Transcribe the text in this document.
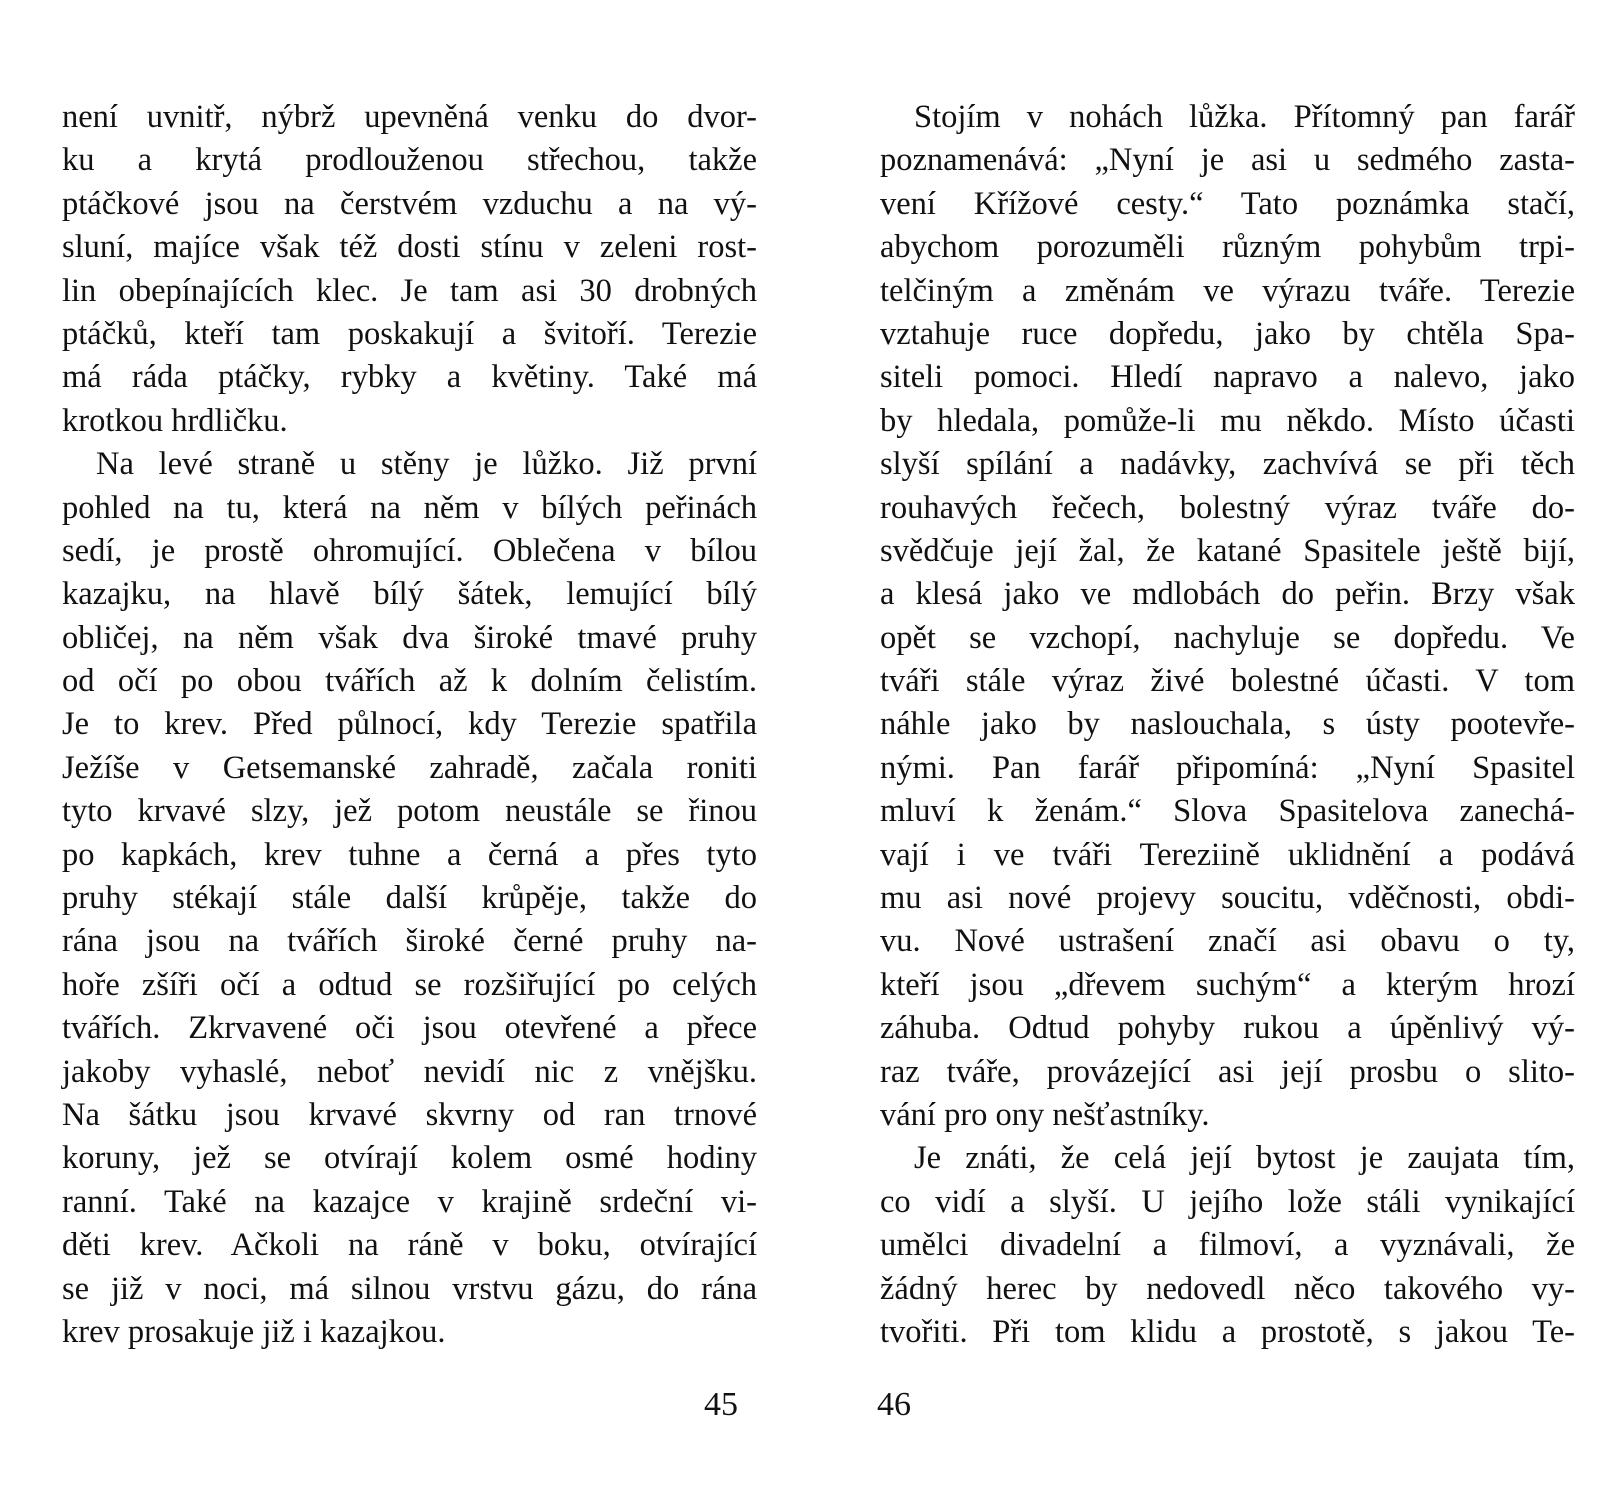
není uvnitř, nýbrž upevněná venku do dvor-
ku a krytá prodlouženou střechou, takže
ptáčkové jsou na čerstvém vzduchu a na vý-
sluní, majíce však též dosti stínu v zeleni rost-
lin obepínajících klec. Je tam asi 30 drobných
ptáčků, kteří tam poskakují a švitoří. Terezie
má ráda ptáčky, rybky a květiny. Také má
krotkou hrdličku.
Na levé straně u stěny je lůžko. Již první
pohled na tu, která na něm v bílých peřinách
sedí, je prostě ohromující. Oblečena v bílou
kazajku, na hlavě bílý šátek, lemující bílý
obličej, na něm však dva široké tmavé pruhy
od očí po obou tvářích až k dolním čelistím.
Je to krev. Před půlnocí, kdy Terezie spatřila
Ježíše v Getsemanské zahradě, začala roniti
tyto krvavé slzy, jež potom neustále se řinou
po kapkách, krev tuhne a černá a přes tyto
pruhy stékají stále další krůpěje, takže do
rána jsou na tvářích široké černé pruhy na-
hoře zšíři očí a odtud se rozšiřující po celých
tvářích. Zkrvavené oči jsou otevřené a přece
jakoby vyhaslé, neboť nevidí nic z vnějšku.
Na šátku jsou krvavé skvrny od ran trnové
koruny, jež se otvírají kolem osmé hodiny
ranní. Také na kazajce v krajině srdeční vi-
děti krev. Ačkoli na ráně v boku, otvírající
se již v noci, má silnou vrstvu gázu, do rána
krev prosakuje již i kazajkou.
45
Stojím v nohách lůžka. Přítomný pan farář
poznamenává: „Nyní je asi u sedmého zasta-
vení Křížové cesty.“ Tato poznámka stačí,
abychom porozuměli různým pohybům trpi-
telčiným a změnám ve výrazu tváře. Terezie
vztahuje ruce dopředu, jako by chtěla Spa-
siteli pomoci. Hledí napravo a nalevo, jako
by hledala, pomůže-li mu někdo. Místo účasti
slyší spílání a nadávky, zachvívá se při těch
rouhavých řečech, bolestný výraz tváře do-
svědčuje její žal, že katané Spasitele ještě bijí,
a klesá jako ve mdlobách do peřin. Brzy však
opět se vzchopí, nachyluje se dopředu. Ve
tváři stále výraz živé bolestné účasti. V tom
náhle jako by naslouchala, s ústy pootevře-
nými. Pan farář připomíná: „Nyní Spasitel
mluví k ženám.“ Slova Spasitelova zanechá-
vají i ve tváři Tereziině uklidnění a podává
mu asi nové projevy soucitu, vděčnosti, obdi-
vu. Nové ustrašení značí asi obavu o ty,
kteří jsou „dřevem suchým“ a kterým hrozí
záhuba. Odtud pohyby rukou a úpěnlivý vý-
raz tváře, provázející asi její prosbu o slito-
vání pro ony nešťastníky.
Je znáti, že celá její bytost je zaujata tím,
co vidí a slyší. U jejího lože stáli vynikající
umělci divadelní a filmoví, a vyznávali, že
žádný herec by nedovedl něco takového vy-
tvořiti. Při tom klidu a prostotě, s jakou Te-
46
